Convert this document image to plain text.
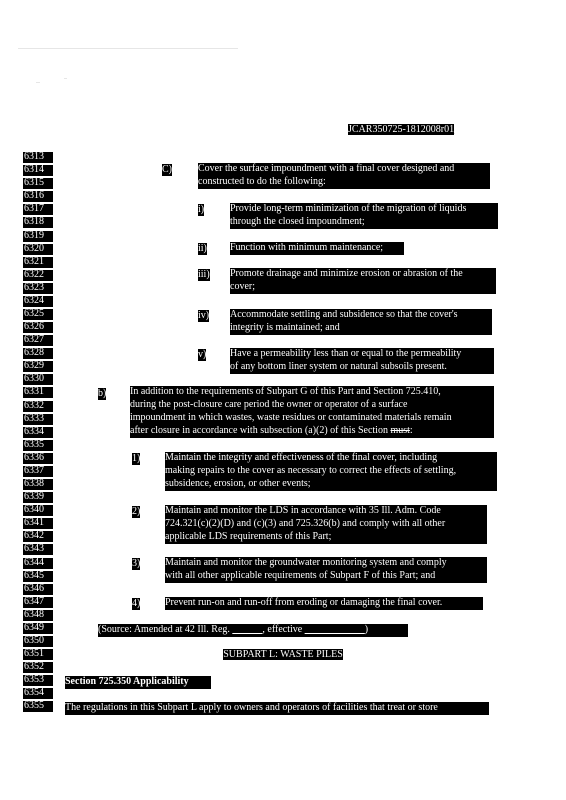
JCAR350725-1812008r01
6313
6314
6315
6316
6317
6318
6319
6320
6321
6322
6323
6324
6325
6326
6327
6328
6329
6330
6331
6332
6333
6334
6335
6336
6337
6338
6339
6340
6341
6342
6343
6344
6345
6346
6347
6348
6349
6350
6351
6352
6353
6354
6355
C)	Cover the surface impoundment with a final cover designed and
constructed to do the following:
i)	Provide long-term minimization of the migration of liquids
through the closed impoundment;
ii) Function with minimum maintenance;
iii) Promote drainage and minimize erosion or abrasion of the
cover;
iv) Accommodate settling and subsidence so that the cover's
integrity is maintained; and
v) Have a permeability less than or equal to the permeability
of any bottom liner system or natural subsoils present.
b) In addition to the requirements of Subpart G of this Part and Section 725.410,
during the post-closure care period the owner or operator of a surface
impoundment in which wastes, waste residues or contaminated materials remain
after closure in accordance with subsection (a)(2) of this Section must:
1) Maintain the integrity and effectiveness of the final cover, including
making repairs to the cover as necessary to correct the effects of settling,
subsidence, erosion, or other events;
2) Maintain and monitor the LDS in accordance with 35 Ill. Adm. Code
724.321(c)(2)(D) and (c)(3) and 725.326(b) and comply with all other
applicable LDS requirements of this Part;
3) Maintain and monitor the groundwater monitoring system and comply
with all other applicable requirements of Subpart F of this Part; and
4) Prevent run-on and run-off from eroding or damaging the final cover.
(Source: Amended at 42 Ill. Reg. ______, effective ____________)
SUBPART L: WASTE PILES
Section 725.350 Applicability
The regulations in this Subpart L apply to owners and operators of facilities that treat or store
